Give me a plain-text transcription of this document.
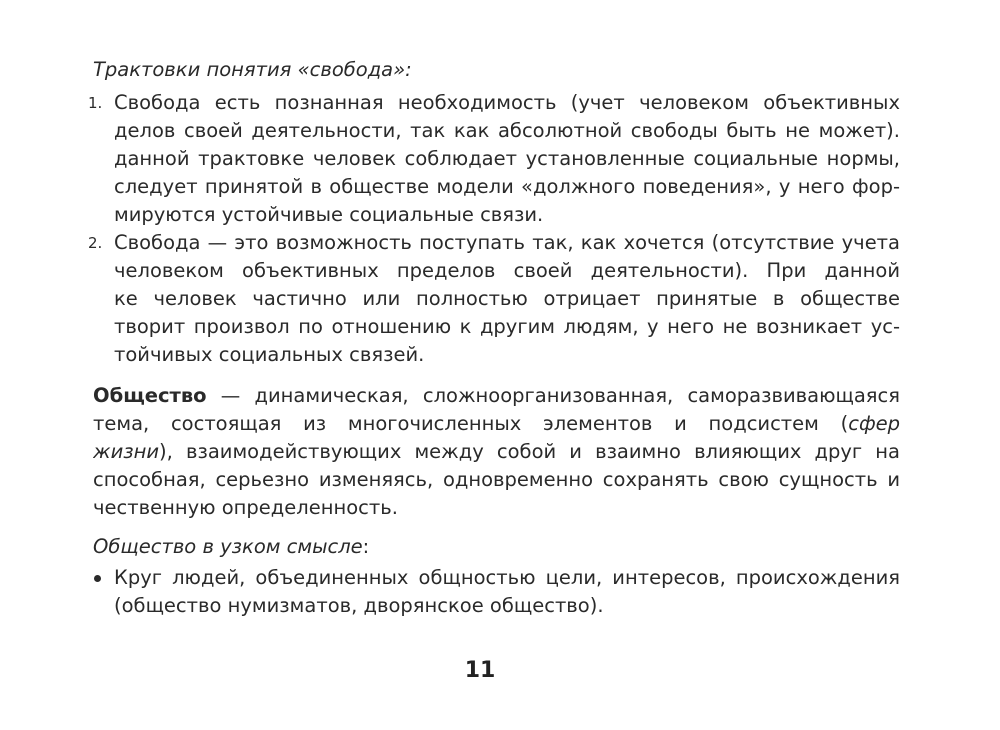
Трактовки понятия «свобода»:
1. Свобода есть познанная необходимость (учет человеком объективных
делов своей деятельности, так как абсолютной свободы быть не может).
данной трактовке человек соблюдает установленные социальные нормы,
следует принятой в обществе модели «должного поведения», у него фор-
мируются устойчивые социальные связи.
2. Свобода — это возможность поступать так, как хочется (отсутствие учета
человеком объективных пределов своей деятельности). При данной
ке человек частично или полностью отрицает принятые в обществе
творит произвол по отношению к другим людям, у него не возникает ус-
тойчивых социальных связей.
Общество — динамическая, сложноорганизованная, саморазвивающаяся
тема, состоящая из многочисленных элементов и подсистем (сфер
жизни), взаимодействующих между собой и взаимно влияющих друг на
способная, серьезно изменяясь, одновременно сохранять свою сущность и
чественную определенность.
Общество в узком смысле:
Круг людей, объединенных общностью цели, интересов, происхождения
(общество нумизматов, дворянское общество).
11
